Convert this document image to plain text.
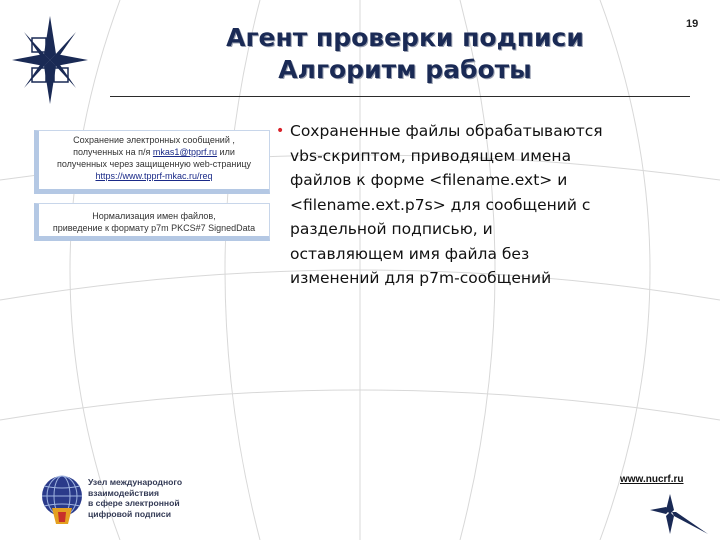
Агент проверки подписи
Алгоритм работы
19
Сохранение электронных сообщений ,
полученных на п/я mkas1@tpprf.ru или
полученных через защищенную web-страницу
https://www.tpprf-mkac.ru/req
Нормализация имен файлов,
приведение к формату p7m PKCS#7 SignedData
• Сохраненные файлы обрабатываются
vbs-скриптом, приводящем имена
файлов к форме <filename.ext> и
<filename.ext.p7s> для сообщений с
раздельной подписью, и
оставляющем имя файла без
изменений для p7m-сообщений
Узел международного
взаимодействия
в сфере электронной
цифровой подписи
www.nucrf.ru
